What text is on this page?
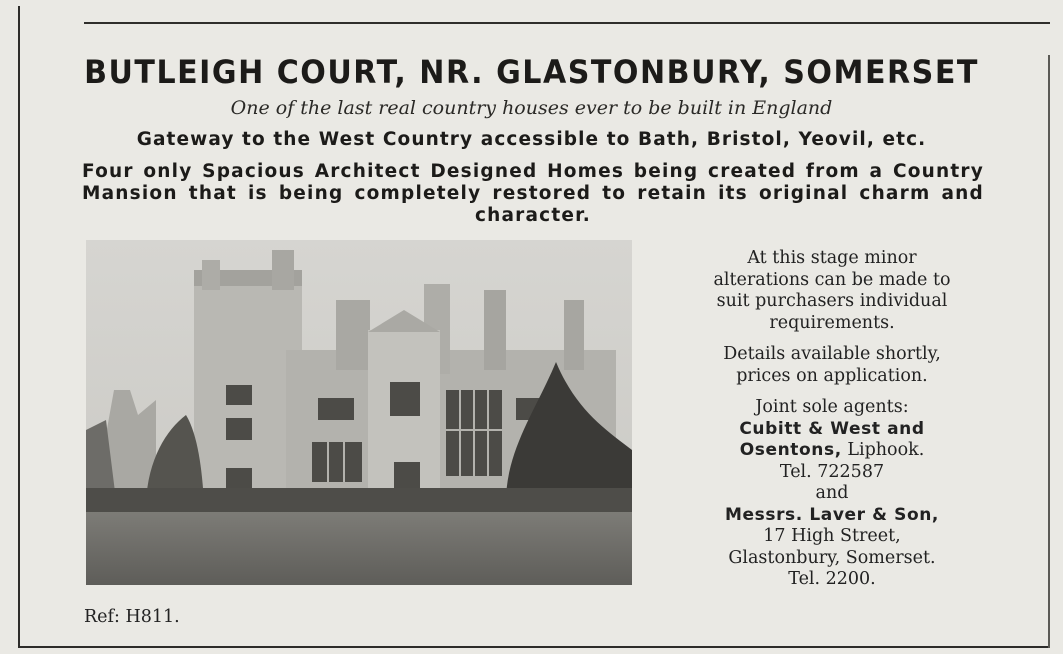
BUTLEIGH COURT, NR. GLASTONBURY, SOMERSET
One of the last real country houses ever to be built in England
Gateway to the West Country accessible to Bath, Bristol, Yeovil, etc.
Four only Spacious Architect Designed Homes being created from a Country Mansion that is being completely restored to retain its original charm and character.

At this stage minor

alterations can be made to

suit purchasers individual

requirements.

Details available shortly,

prices on application.

Joint sole agents:

Cubitt & West and

Osentons, Liphook.

Tel. 722587

and

Messrs. Laver & Son,

17 High Street,

Glastonbury, Somerset.

Tel. 2200.

Ref: H811.
